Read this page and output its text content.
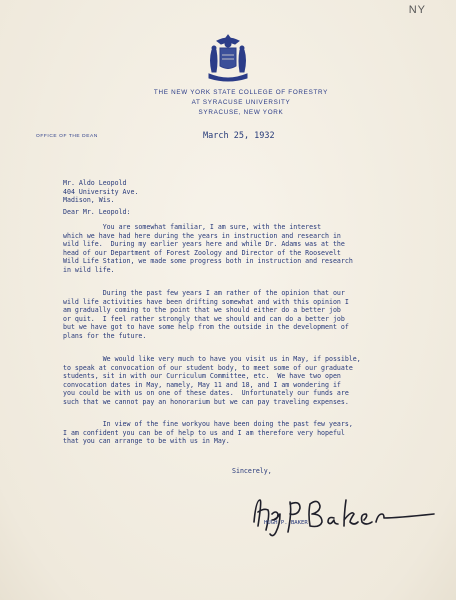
NY
THE NEW YORK STATE COLLEGE OF FORESTRY
AT SYRACUSE UNIVERSITY
SYRACUSE, NEW YORK
OFFICE OF THE DEAN	March 25, 1932
Mr. Aldo Leopold
404 University Ave.
Madison, Wis.
Dear Mr. Leopold:
You are somewhat familiar, I am sure, with the interest
which we have had here during the years in instruction and research in
wild life.  During my earlier years here and while Dr. Adams was at the
head of our Department of Forest Zoology and Director of the Roosevelt
Wild Life Station, we made some progress both in instruction and research
in wild life.
During the past few years I am rather of the opinion that our
wild life activities have been drifting somewhat and with this opinion I
am gradually coming to the point that we should either do a better job
or quit.  I feel rather strongly that we should and can do a better job
but we have got to have some help from the outside in the development of
plans for the future.
We would like very much to have you visit us in May, if possible,
to speak at convocation of our student body, to meet some of our graduate
students, sit in with our Curriculum Committee, etc.  We have two open
convocation dates in May, namely, May 11 and 18, and I am wondering if
you could be with us on one of these dates.  Unfortunately our funds are
such that we cannot pay an honorarium but we can pay traveling expenses.
In view of the fine workyou have been doing the past few years,
I am confident you can be of help to us and I am therefore very hopeful
that you can arrange to be with us in May.
Sincerely,
HUGH P. BAKER
